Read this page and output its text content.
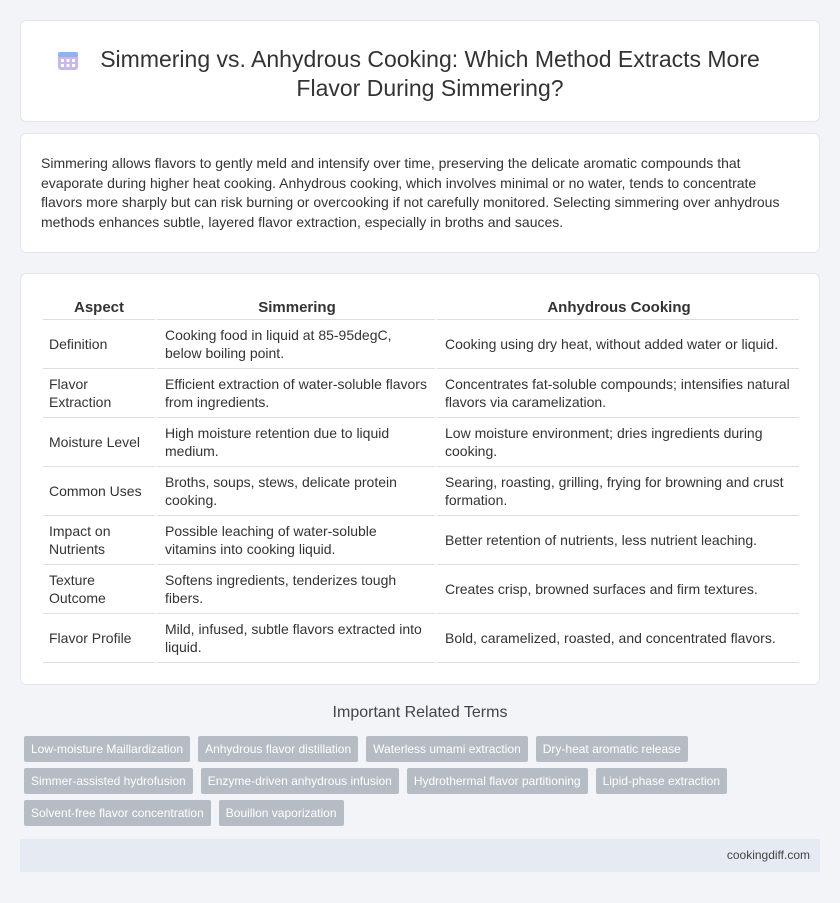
Simmering vs. Anhydrous Cooking: Which Method Extracts More Flavor During Simmering?

Simmering allows flavors to gently meld and intensify over time, preserving the delicate aromatic compounds that evaporate during higher heat cooking. Anhydrous cooking, which involves minimal or no water, tends to concentrate flavors more sharply but can risk burning or overcooking if not carefully monitored. Selecting simmering over anhydrous methods enhances subtle, layered flavor extraction, especially in broths and sauces.

Aspect	Simmering	Anhydrous Cooking
Definition	Cooking food in liquid at 85-95degC, below boiling point.	Cooking using dry heat, without added water or liquid.
Flavor Extraction	Efficient extraction of water-soluble flavors from ingredients.	Concentrates fat-soluble compounds; intensifies natural flavors via caramelization.
Moisture Level	High moisture retention due to liquid medium.	Low moisture environment; dries ingredients during cooking.
Common Uses	Broths, soups, stews, delicate protein cooking.	Searing, roasting, grilling, frying for browning and crust formation.
Impact on Nutrients	Possible leaching of water-soluble vitamins into cooking liquid.	Better retention of nutrients, less nutrient leaching.
Texture Outcome	Softens ingredients, tenderizes tough fibers.	Creates crisp, browned surfaces and firm textures.
Flavor Profile	Mild, infused, subtle flavors extracted into liquid.	Bold, caramelized, roasted, and concentrated flavors.
Important Related Terms
Low-moisture Maillardization	Anhydrous flavor distillation	Waterless umami extraction	Dry-heat aromatic release
Simmer-assisted hydrofusion	Enzyme-driven anhydrous infusion	Hydrothermal flavor partitioning	Lipid-phase extraction
Solvent-free flavor concentration	Bouillon vaporization
cookingdiff.com
